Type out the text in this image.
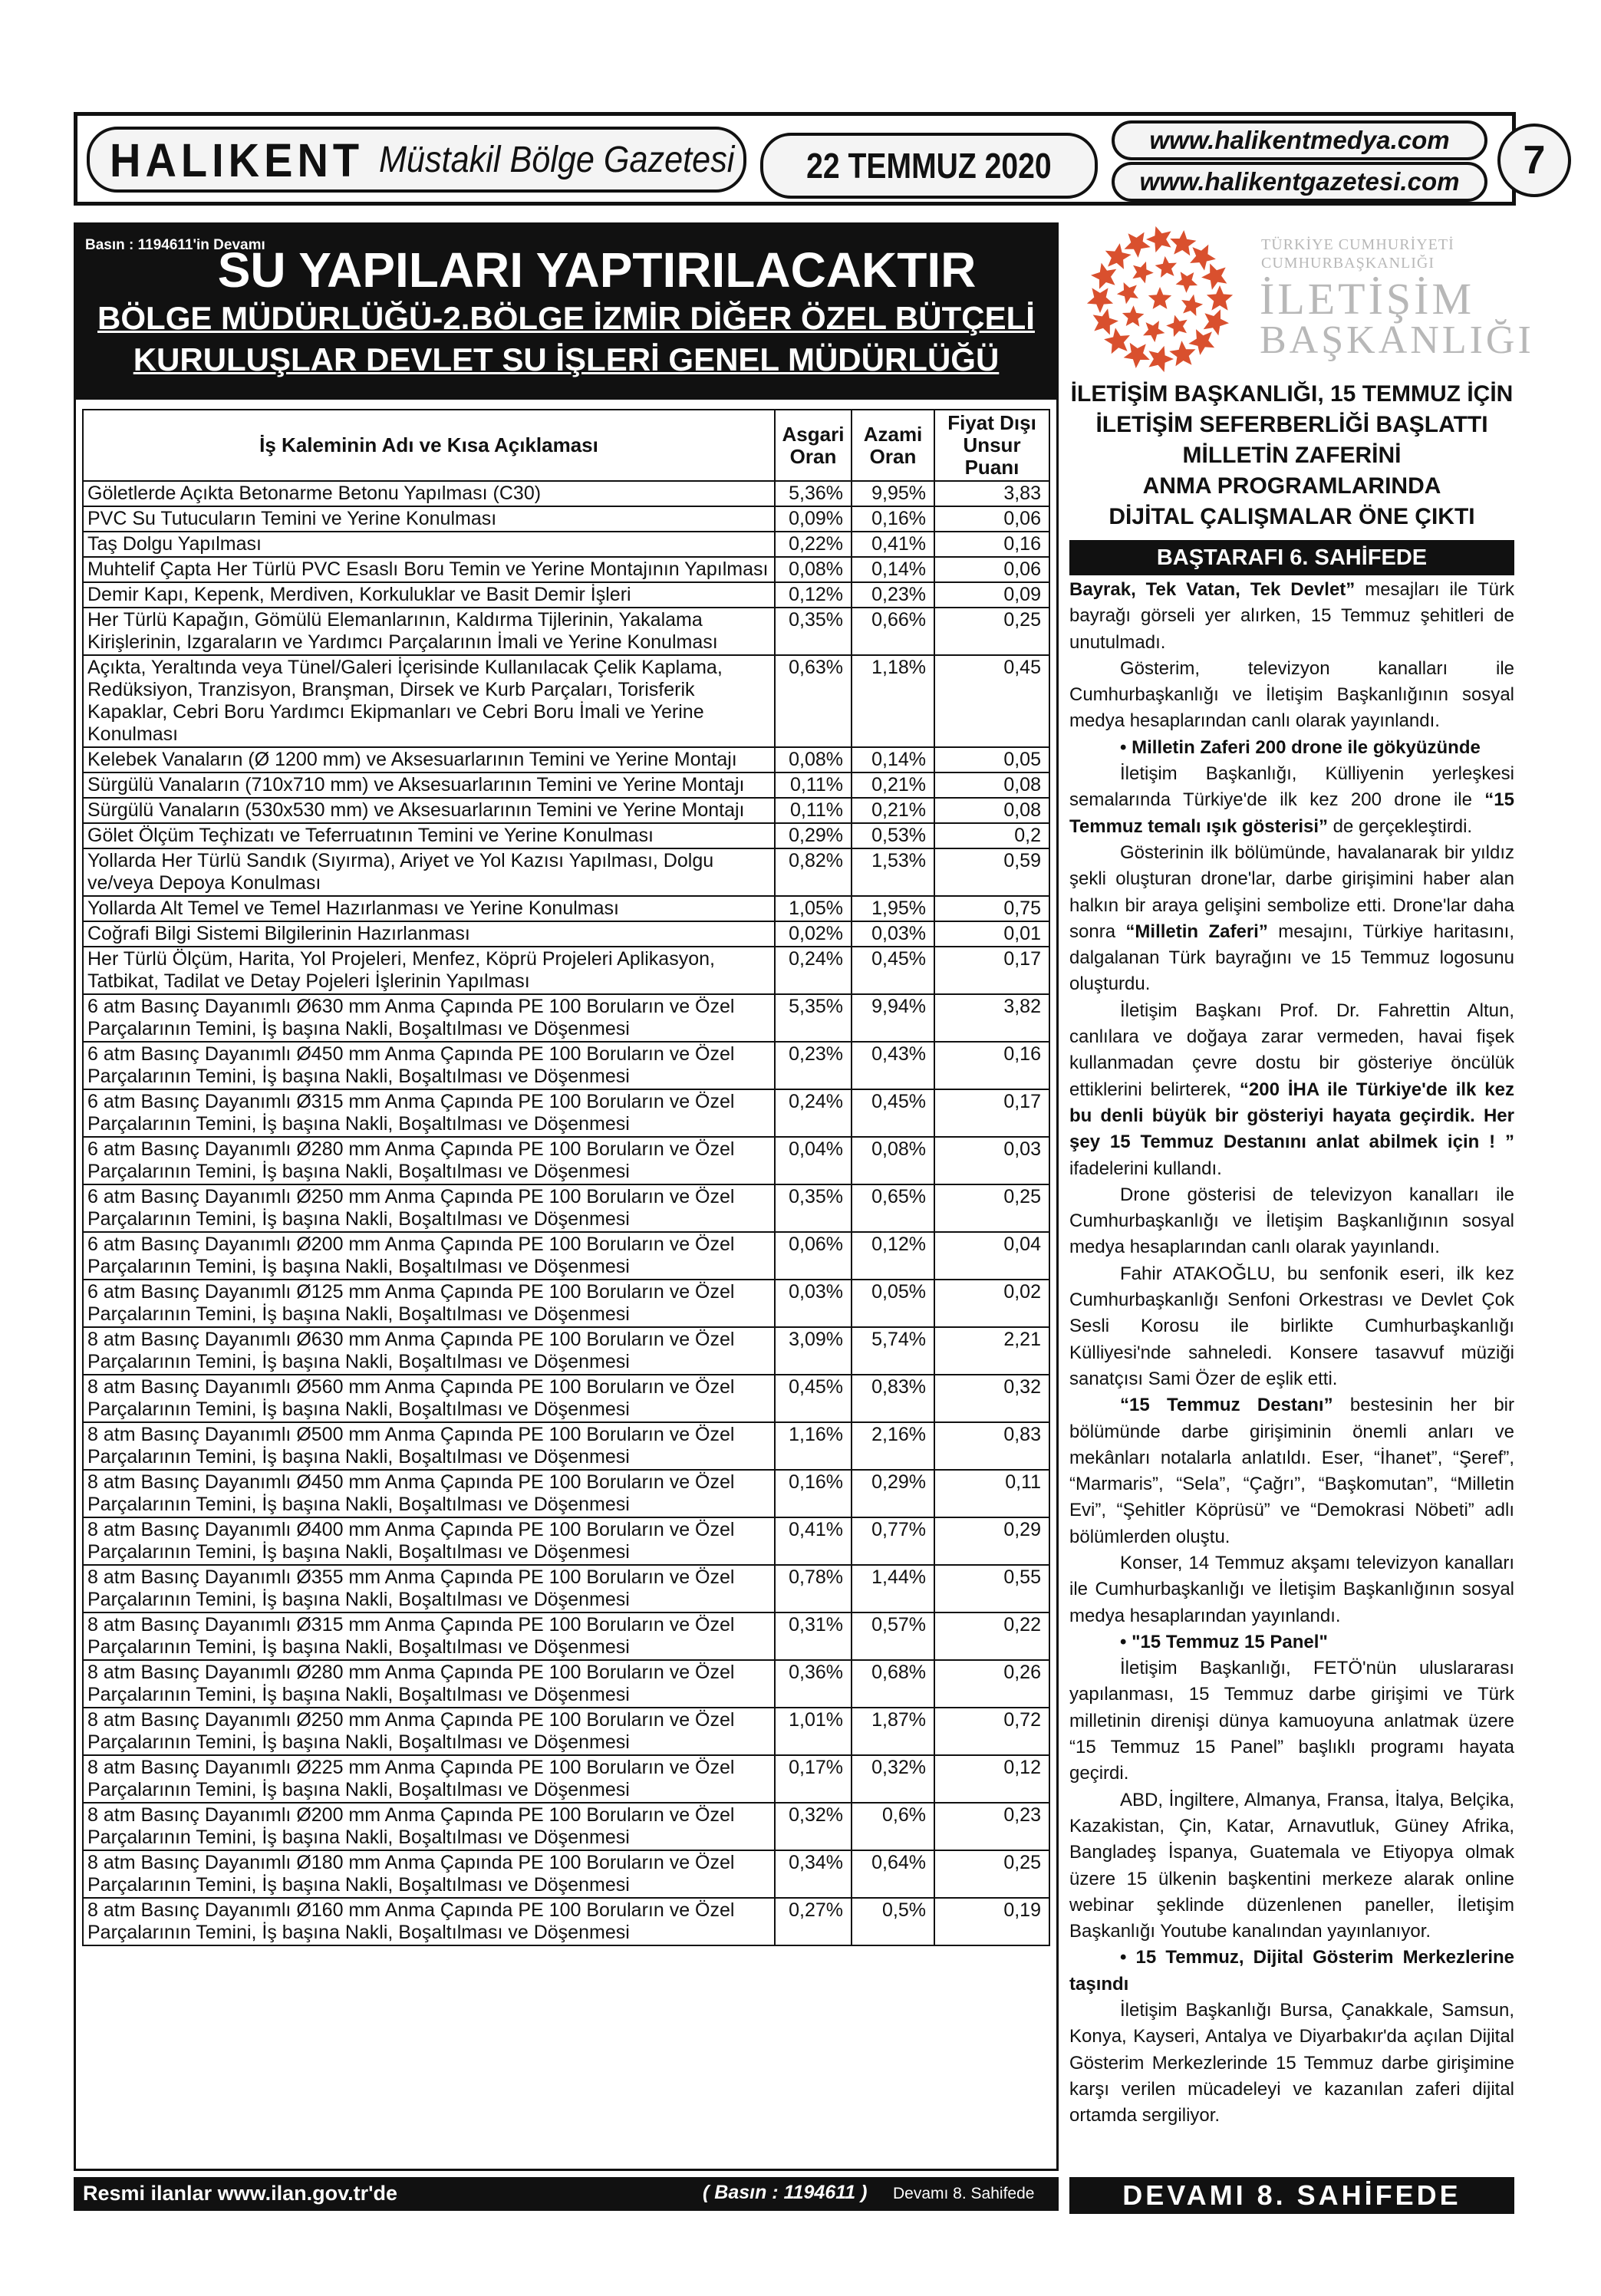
HALIKENT Müstakil Bölge Gazetesi 22 TEMMUZ 2020
www.halikentmedya.com
www.halikentgazetesi.com	7
Basın : 1194611'in Devamı
SU YAPILARI YAPTIRILACAKTIR
BÖLGE MÜDÜRLÜĞÜ-2.BÖLGE İZMİR DİĞER ÖZEL BÜTÇELİ
KURULUŞLAR DEVLET SU İŞLERİ GENEL MÜDÜRLÜĞÜ
İş Kaleminin Adı ve Kısa Açıklaması	Asgari Oran	Azami Oran	Fiyat Dışı Unsur Puanı
Göletlerde Açıkta Betonarme Betonu Yapılması (C30)	5,36%	9,95%	3,83
PVC Su Tutucuların Temini ve Yerine Konulması	0,09%	0,16%	0,06
Taş Dolgu Yapılması	0,22%	0,41%	0,16
Muhtelif Çapta Her Türlü PVC Esaslı Boru Temin ve Yerine Montajının Yapılması	0,08%	0,14%	0,06
Demir Kapı, Kepenk, Merdiven, Korkuluklar ve Basit Demir İşleri	0,12%	0,23%	0,09
Her Türlü Kapağın, Gömülü Elemanlarının, Kaldırma Tijlerinin, Yakalama Kirişlerinin, Izgaraların ve Yardımcı Parçalarının İmali ve Yerine Konulması	0,35%	0,66%	0,25
Açıkta, Yeraltında veya Tünel/Galeri İçerisinde Kullanılacak Çelik Kaplama, Redüksiyon, Tranzisyon, Branşman, Dirsek ve Kurb Parçaları, Torisferik Kapaklar, Cebri Boru Yardımcı Ekipmanları ve Cebri Boru İmali ve Yerine Konulması	0,63%	1,18%	0,45
Kelebek Vanaların (Ø 1200 mm) ve Aksesuarlarının Temini ve Yerine Montajı	0,08%	0,14%	0,05
Sürgülü Vanaların (710x710 mm) ve Aksesuarlarının Temini ve Yerine Montajı	0,11%	0,21%	0,08
Sürgülü Vanaların (530x530 mm) ve Aksesuarlarının Temini ve Yerine Montajı	0,11%	0,21%	0,08
Gölet Ölçüm Teçhizatı ve Teferruatının Temini ve Yerine Konulması	0,29%	0,53%	0,2
Yollarda Her Türlü Sandık (Sıyırma), Ariyet ve Yol Kazısı Yapılması, Dolgu ve/veya Depoya Konulması	0,82%	1,53%	0,59
Yollarda Alt Temel ve Temel Hazırlanması ve Yerine Konulması	1,05%	1,95%	0,75
Coğrafi Bilgi Sistemi Bilgilerinin Hazırlanması	0,02%	0,03%	0,01
Her Türlü Ölçüm, Harita, Yol Projeleri, Menfez, Köprü Projeleri Aplikasyon, Tatbikat, Tadilat ve Detay Pojeleri İşlerinin Yapılması	0,24%	0,45%	0,17
6 atm Basınç Dayanımlı Ø630 mm Anma Çapında PE 100 Boruların ve Özel Parçalarının Temini, İş başına Nakli, Boşaltılması ve Döşenmesi	5,35%	9,94%	3,82
6 atm Basınç Dayanımlı Ø450 mm Anma Çapında PE 100 Boruların ve Özel Parçalarının Temini, İş başına Nakli, Boşaltılması ve Döşenmesi	0,23%	0,43%	0,16
6 atm Basınç Dayanımlı Ø315 mm Anma Çapında PE 100 Boruların ve Özel Parçalarının Temini, İş başına Nakli, Boşaltılması ve Döşenmesi	0,24%	0,45%	0,17
6 atm Basınç Dayanımlı Ø280 mm Anma Çapında PE 100 Boruların ve Özel Parçalarının Temini, İş başına Nakli, Boşaltılması ve Döşenmesi	0,04%	0,08%	0,03
6 atm Basınç Dayanımlı Ø250 mm Anma Çapında PE 100 Boruların ve Özel Parçalarının Temini, İş başına Nakli, Boşaltılması ve Döşenmesi	0,35%	0,65%	0,25
6 atm Basınç Dayanımlı Ø200 mm Anma Çapında PE 100 Boruların ve Özel Parçalarının Temini, İş başına Nakli, Boşaltılması ve Döşenmesi	0,06%	0,12%	0,04
6 atm Basınç Dayanımlı Ø125 mm Anma Çapında PE 100 Boruların ve Özel Parçalarının Temini, İş başına Nakli, Boşaltılması ve Döşenmesi	0,03%	0,05%	0,02
8 atm Basınç Dayanımlı Ø630 mm Anma Çapında PE 100 Boruların ve Özel Parçalarının Temini, İş başına Nakli, Boşaltılması ve Döşenmesi	3,09%	5,74%	2,21
8 atm Basınç Dayanımlı Ø560 mm Anma Çapında PE 100 Boruların ve Özel Parçalarının Temini, İş başına Nakli, Boşaltılması ve Döşenmesi	0,45%	0,83%	0,32
8 atm Basınç Dayanımlı Ø500 mm Anma Çapında PE 100 Boruların ve Özel Parçalarının Temini, İş başına Nakli, Boşaltılması ve Döşenmesi	1,16%	2,16%	0,83
8 atm Basınç Dayanımlı Ø450 mm Anma Çapında PE 100 Boruların ve Özel Parçalarının Temini, İş başına Nakli, Boşaltılması ve Döşenmesi	0,16%	0,29%	0,11
8 atm Basınç Dayanımlı Ø400 mm Anma Çapında PE 100 Boruların ve Özel Parçalarının Temini, İş başına Nakli, Boşaltılması ve Döşenmesi	0,41%	0,77%	0,29
8 atm Basınç Dayanımlı Ø355 mm Anma Çapında PE 100 Boruların ve Özel Parçalarının Temini, İş başına Nakli, Boşaltılması ve Döşenmesi	0,78%	1,44%	0,55
8 atm Basınç Dayanımlı Ø315 mm Anma Çapında PE 100 Boruların ve Özel Parçalarının Temini, İş başına Nakli, Boşaltılması ve Döşenmesi	0,31%	0,57%	0,22
8 atm Basınç Dayanımlı Ø280 mm Anma Çapında PE 100 Boruların ve Özel Parçalarının Temini, İş başına Nakli, Boşaltılması ve Döşenmesi	0,36%	0,68%	0,26
8 atm Basınç Dayanımlı Ø250 mm Anma Çapında PE 100 Boruların ve Özel Parçalarının Temini, İş başına Nakli, Boşaltılması ve Döşenmesi	1,01%	1,87%	0,72
8 atm Basınç Dayanımlı Ø225 mm Anma Çapında PE 100 Boruların ve Özel Parçalarının Temini, İş başına Nakli, Boşaltılması ve Döşenmesi	0,17%	0,32%	0,12
8 atm Basınç Dayanımlı Ø200 mm Anma Çapında PE 100 Boruların ve Özel Parçalarının Temini, İş başına Nakli, Boşaltılması ve Döşenmesi	0,32%	0,6%	0,23
8 atm Basınç Dayanımlı Ø180 mm Anma Çapında PE 100 Boruların ve Özel Parçalarının Temini, İş başına Nakli, Boşaltılması ve Döşenmesi	0,34%	0,64%	0,25
8 atm Basınç Dayanımlı Ø160 mm Anma Çapında PE 100 Boruların ve Özel Parçalarının Temini, İş başına Nakli, Boşaltılması ve Döşenmesi	0,27%	0,5%	0,19
Resmi ilanlar www.ilan.gov.tr'de	( Basın : 1194611 ) Devamı 8. Sahifede
TÜRKİYE CUMHURİYETİ
CUMHURBAŞKANLIĞI
İLETİŞİM
BAŞKANLIĞI
İLETİŞİM BAŞKANLIĞI, 15 TEMMUZ İÇİN
İLETİŞİM SEFERBERLİĞİ BAŞLATTI
MİLLETİN ZAFERİNİ
ANMA PROGRAMLARINDA
DİJİTAL ÇALIŞMALAR ÖNE ÇIKTI
BAŞTARAFI 6. SAHİFEDE

Bayrak, Tek Vatan, Tek Devlet” mesajları ile Türk bayrağı görseli yer alırken, 15 Temmuz şehitleri de unutulmadı.

Gösterim, televizyon kanalları ile Cumhurbaşkanlığı ve İletişim Başkanlığının sosyal medya hesaplarından canlı olarak yayınlandı.

• Milletin Zaferi 200 drone ile gökyüzünde

İletişim Başkanlığı, Külliyenin yerleşkesi semalarında Türkiye'de ilk kez 200 drone ile “15 Temmuz temalı ışık gösterisi” de gerçekleştirdi.

Gösterinin ilk bölümünde, havalanarak bir yıldız şekli oluşturan drone'lar, darbe girişimini haber alan halkın bir araya gelişini sembolize etti. Drone'lar daha sonra “Milletin Zaferi” mesajını, Türkiye haritasını, dalgalanan Türk bayrağını ve 15 Temmuz logosunu oluşturdu.

İletişim Başkanı Prof. Dr. Fahrettin Altun, canlılara ve doğaya zarar vermeden, havai fişek kullanmadan çevre dostu bir gösteriye öncülük ettiklerini belirterek, “200 İHA ile Türkiye'de ilk kez bu denli büyük bir gösteriyi hayata geçirdik. Her şey 15 Temmuz Destanını anlat abilmek için ! ” ifadelerini kullandı.

Drone gösterisi de televizyon kanalları ile Cumhurbaşkanlığı ve İletişim Başkanlığının sosyal medya hesaplarından canlı olarak yayınlandı.

Fahir ATAKOĞLU, bu senfonik eseri, ilk kez Cumhurbaşkanlığı Senfoni Orkestrası ve Devlet Çok Sesli Korosu ile birlikte Cumhurbaşkanlığı Külliyesi'nde sahneledi. Konsere tasavvuf müziği sanatçısı Sami Özer de eşlik etti.

“15 Temmuz Destanı” bestesinin her bir bölümünde darbe girişiminin önemli anları ve mekânları notalarla anlatıldı. Eser, “İhanet”, “Şeref”, “Marmaris”, “Sela”, “Çağrı”, “Başkomutan”, “Milletin Evi”, “Şehitler Köprüsü” ve “Demokrasi Nöbeti” adlı bölümlerden oluştu.

Konser, 14 Temmuz akşamı televizyon kanalları ile Cumhurbaşkanlığı ve İletişim Başkanlığının sosyal medya hesaplarından yayınlandı.

• "15 Temmuz 15 Panel"

İletişim Başkanlığı, FETÖ'nün uluslararası yapılanması, 15 Temmuz darbe girişimi ve Türk milletinin direnişi dünya kamuoyuna anlatmak üzere “15 Temmuz 15 Panel” başlıklı programı hayata geçirdi.

ABD, İngiltere, Almanya, Fransa, İtalya, Belçika, Kazakistan, Çin, Katar, Arnavutluk, Güney Afrika, Bangladeş İspanya, Guatemala ve Etiyopya olmak üzere 15 ülkenin başkentini merkeze alarak online webinar şeklinde düzenlenen paneller, İletişim Başkanlığı Youtube kanalından yayınlanıyor.

• 15 Temmuz, Dijital Gösterim Merkezlerine taşındı

İletişim Başkanlığı Bursa, Çanakkale, Samsun, Konya, Kayseri, Antalya ve Diyarbakır'da açılan Dijital Gösterim Merkezlerinde 15 Temmuz darbe girişimine karşı verilen mücadeleyi ve kazanılan zaferi dijital ortamda sergiliyor.

DEVAMI 8. SAHİFEDE
